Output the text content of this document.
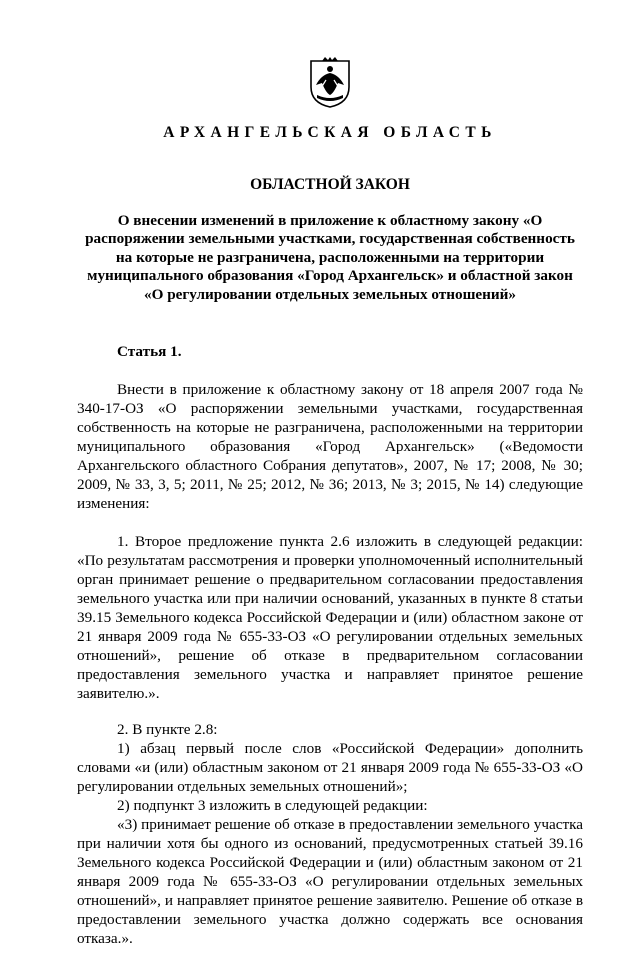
АРХАНГЕЛЬСКАЯ ОБЛАСТЬ
ОБЛАСТНОЙ ЗАКОН
О внесении изменений в приложение к областному закону «О распоряжении земельными участками, государственная собственность на которые не разграничена, расположенными на территории муниципального образования «Город Архангельск» и областной закон «О регулировании отдельных земельных отношений»
Статья 1.

Внести в приложение к областному закону от 18 апреля 2007 года № 340-17-ОЗ «О распоряжении земельными участками, государственная собственность на которые не разграничена, расположенными на территории муниципального образования «Город Архангельск» («Ведомости Архангельского областного Собрания депутатов», 2007, № 17; 2008, № 30; 2009, № 33, 3, 5; 2011, № 25; 2012, № 36; 2013, № 3; 2015, № 14) следующие изменения:

1. Второе предложение пункта 2.6 изложить в следующей редакции: «По результатам рассмотрения и проверки уполномоченный исполнительный орган принимает решение о предварительном согласовании предоставления земельного участка или при наличии оснований, указанных в пункте 8 статьи 39.15 Земельного кодекса Российской Федерации и (или) областном законе от 21 января 2009 года № 655-33-ОЗ «О регулировании отдельных земельных отношений», решение об отказе в предварительном согласовании предоставления земельного участка и направляет принятое решение заявителю.».

2. В пункте 2.8:

1) абзац первый после слов «Российской Федерации» дополнить словами «и (или) областным законом от 21 января 2009 года № 655-33-ОЗ «О регулировании отдельных земельных отношений»;

2) подпункт 3 изложить в следующей редакции:

«3) принимает решение об отказе в предоставлении земельного участка при наличии хотя бы одного из оснований, предусмотренных статьей 39.16 Земельного кодекса Российской Федерации и (или) областным законом от 21 января 2009 года № 655-33-ОЗ «О регулировании отдельных земельных отношений», и направляет принятое решение заявителю. Решение об отказе в предоставлении земельного участка должно содержать все основания отказа.».
